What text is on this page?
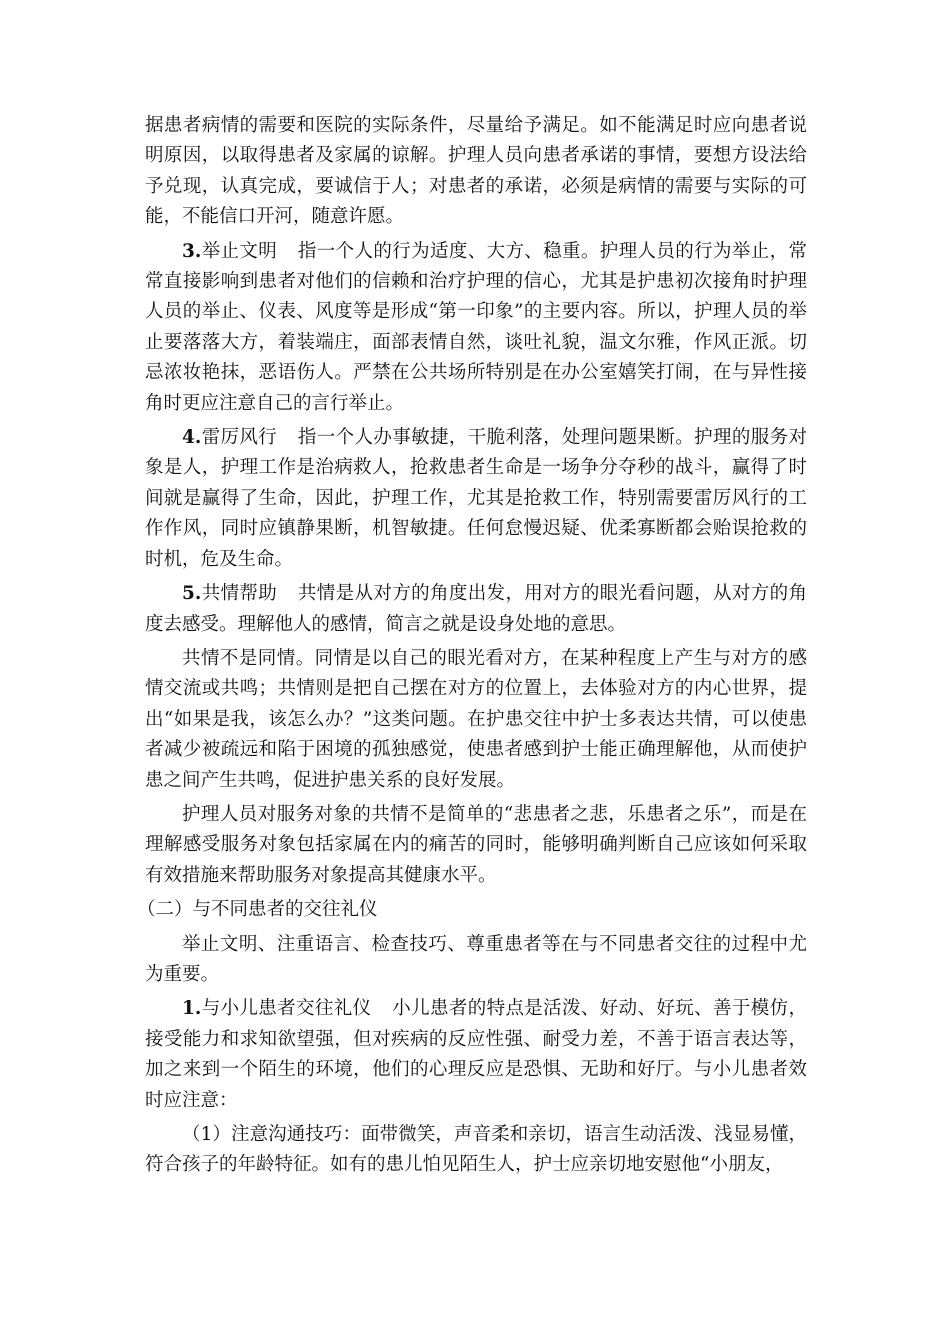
据患者病情的需要和医院的实际条件，尽量给予满足。如不能满足时应向患者说明原因，以取得患者及家属的谅解。护理人员向患者承诺的事情，要想方设法给予兑现，认真完成，要诚信于人；对患者的承诺，必须是病情的需要与实际的可能，不能信口开河，随意许愿。

3.举止文明 指一个人的行为适度、大方、稳重。护理人员的行为举止，常常直接影响到患者对他们的信赖和治疗护理的信心，尤其是护患初次接角时护理人员的举止、仪表、风度等是形成“第一印象”的主要内容。所以，护理人员的举止要落落大方，着装端庄，面部表情自然，谈吐礼貌，温文尔雅，作风正派。切忌浓妆艳抹，恶语伤人。严禁在公共场所特别是在办公室嬉笑打闹，在与异性接角时更应注意自己的言行举止。

4.雷厉风行 指一个人办事敏捷，干脆利落，处理问题果断。护理的服务对象是人，护理工作是治病救人，抢救患者生命是一场争分夺秒的战斗，赢得了时间就是赢得了生命，因此，护理工作，尤其是抢救工作，特别需要雷厉风行的工作作风，同时应镇静果断，机智敏捷。任何怠慢迟疑、优柔寡断都会贻误抢救的时机，危及生命。

5.共情帮助 共情是从对方的角度出发，用对方的眼光看问题，从对方的角度去感受。理解他人的感情，简言之就是设身处地的意思。

共情不是同情。同情是以自己的眼光看对方，在某种程度上产生与对方的感情交流或共鸣；共情则是把自己摆在对方的位置上，去体验对方的内心世界，提出“如果是我，该怎么办？”这类问题。在护患交往中护士多表达共情，可以使患者减少被疏远和陷于困境的孤独感觉，使患者感到护士能正确理解他，从而使护患之间产生共鸣，促进护患关系的良好发展。

护理人员对服务对象的共情不是简单的“悲患者之悲，乐患者之乐”，而是在理解感受服务对象包括家属在内的痛苦的同时，能够明确判断自己应该如何采取有效措施来帮助服务对象提高其健康水平。

（二）与不同患者的交往礼仪

举止文明、注重语言、检查技巧、尊重患者等在与不同患者交往的过程中尤为重要。

1.与小儿患者交往礼仪 小儿患者的特点是活泼、好动、好玩、善于模仿，接受能力和求知欲望强，但对疾病的反应性强、耐受力差，不善于语言表达等，加之来到一个陌生的环境，他们的心理反应是恐惧、无助和好厅。与小儿患者效时应注意：

（1）注意沟通技巧：面带微笑，声音柔和亲切，语言生动活泼、浅显易懂，符合孩子的年龄特征。如有的患儿怕见陌生人，护士应亲切地安慰他“小朋友，
